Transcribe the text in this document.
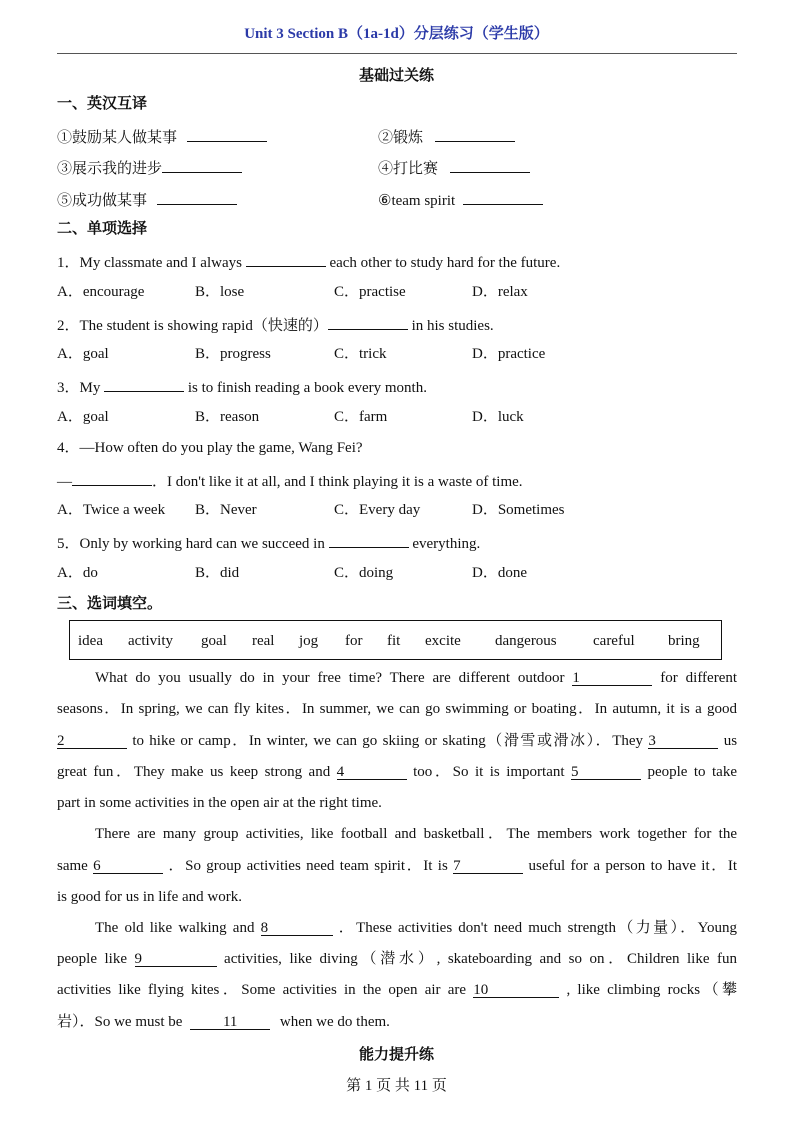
Unit 3 Section B（1a-1d）分层练习（学生版）
基础过关练
一、英汉互译
①鼓励某人做某事	②锻炼
③展示我的进步	④打比赛
⑤成功做某事	⑥team spirit
二、单项选择
1．My classmate and I always	each other to study hard for the future.
A．encourage	B．lose	C．practise	D．relax
2．The student is showing rapid（快速的）	in his studies.
A．goal	B．progress	C．trick	D．practice
3．My	is to finish reading a book every month.
A．goal	B．reason	C．farm	D．luck
4．—How often do you play the game, Wang Fei?
—	．I don't like it at all, and I think playing it is a waste of time.
A．Twice a week B．Never	C．Every day	D．Sometimes
5．Only by working hard can we succeed in	everything.
A．do	B．did	C．doing	D．done
三、选词填空。
idea activity goal real jog for fit excite dangerous careful bring
What do you usually do in your free time? There are different outdoor 1	for different
seasons．In spring, we can fly kites．In summer, we can go swimming or boating．In autumn, it is a good
2	to hike or camp．In winter, we can go skiing or skating（滑雪或滑冰）．They 3	us
great fun．They make us keep strong and 4	too．So it is important 5	people to take
part in some activities in the open air at the right time.
There are many group activities, like football and basketball．The members work together for the
same 6	．So group activities need team spirit．It is 7	useful for a person to have it．It
is good for us in life and work.
The old like walking and 8	．These activities don't need much strength（力量）．Young
people like 9	activities, like diving（潜水）, skateboarding and so on．Children like fun
activities like flying kites．Some activities in the open air are 10	, like climbing rocks（攀
岩）．So we must be	11	when we do them.
能力提升练
第 1 页 共 11 页
